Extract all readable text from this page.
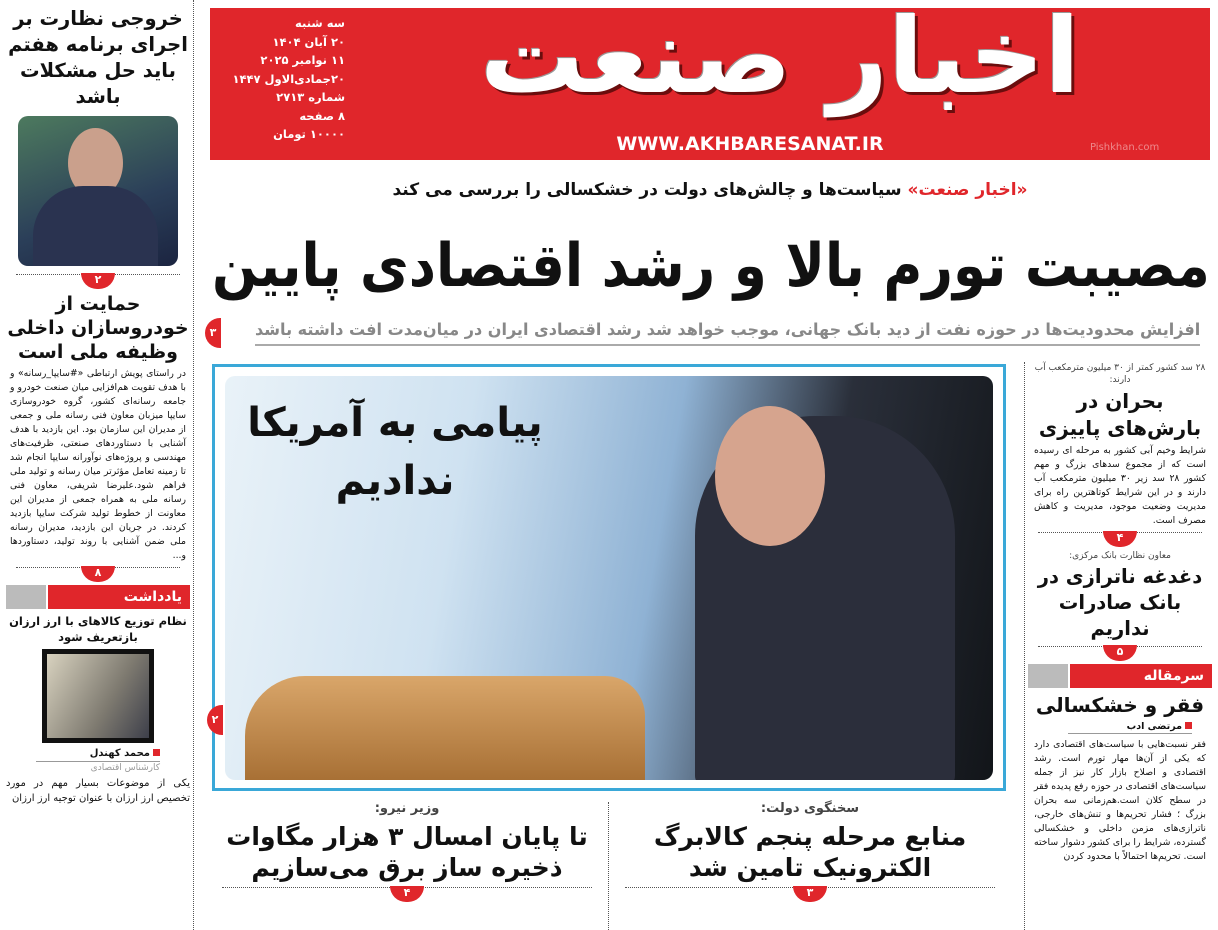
سه شنبه
۲۰ آبان ۱۴۰۴
۱۱ نوامبر ۲۰۲۵
۲۰جمادی‌الاول ۱۴۴۷
شماره ۲۷۱۳
۸ صفحه
۱۰۰۰۰ تومان
اخبار صنعت
WWW.AKHBARESANAT.IR	Pishkhan.com
«اخبار صنعت» سیاست‌ها و چالش‌های دولت در خشکسالی را بررسی می کند
مصیبت تورم بالا و رشد اقتصادی پایین
افزایش محدودیت‌ها در حوزه نفت از دید بانک جهانی، موجب خواهد شد رشد اقتصادی ایران در میان‌مدت افت داشته باشد
۳
پیامی به آمریکا ندادیم
۲
سخنگوی دولت:
منابع مرحله پنجم کالابرگ الکترونیک تامین شد
۳
وزیر نیرو:
تا پایان امسال ۳ هزار مگاوات ذخیره ساز برق می‌سازیم
۴
خروجی نظارت بر اجرای برنامه هفتم باید حل مشکلات باشد
۲
حمایت از خودروسازان داخلی وظیفه ملی است
در راستای پویش ارتباطی «#سایپا_رسانه» و با هدف تقویت هم‌افزایی میان صنعت خودرو و جامعه رسانه‌ای کشور، گروه خودروسازی سایپا میزبان معاون فنی رسانه ملی و جمعی از مدیران این سازمان بود. این بازدید با هدف آشنایی با دستاوردهای صنعتی، ظرفیت‌های مهندسی و پروژه‌های نوآورانه سایپا انجام شد تا زمینه تعامل مؤثرتر میان رسانه و تولید ملی فراهم شود.علیرضا شریفی، معاون فنی رسانه ملی به همراه جمعی از مدیران این معاونت از خطوط تولید شرکت سایپا بازدید کردند. در جریان این بازدید، مدیران رسانه ملی ضمن آشنایی با روند تولید، دستاوردها و...
۸
یادداشت
نظام توزیع کالاهای با ارز ارزان بازتعریف شود
محمد کهندل
کارشناس اقتصادی
یکی از موضوعات بسیار مهم در مورد تخصیص ارز ارزان با عنوان توجیه ارز ارزان
۲۸ سد کشور کمتر از ۳۰ میلیون مترمکعب آب دارند:
بحران در بارش‌های پاییزی
شرایط وخیم آبی کشور به مرحله ای رسیده است که از مجموع سدهای بزرگ و مهم کشور ۲۸ سد زیر ۳۰ میلیون مترمکعب آب دارند و در این شرایط کوتاهترین راه برای مدیریت وضعیت موجود، مدیریت و کاهش مصرف است.
۴
معاون نظارت بانک مرکزی:
دغدغه ناترازی در بانک صادرات نداریم
۵
سرمقاله
فقر و خشکسالی
مرتضی ادب
فقر نسبت‌هایی با سیاست‌های اقتصادی دارد که یکی از آن‌ها مهار تورم است. رشد اقتصادی و اصلاح بازار کار نیز از جمله سیاست‌های اقتصادی در حوزه رفع پدیده فقر در سطح کلان است.هم‌زمانی سه بحران بزرگ ؛ فشار تحریم‌ها و تنش‌های خارجی، ناترازی‌های مزمن داخلی و خشکسالی گسترده، شرایط را برای کشور دشوار ساخته است. تحریم‌ها احتمالاً با محدود کردن
